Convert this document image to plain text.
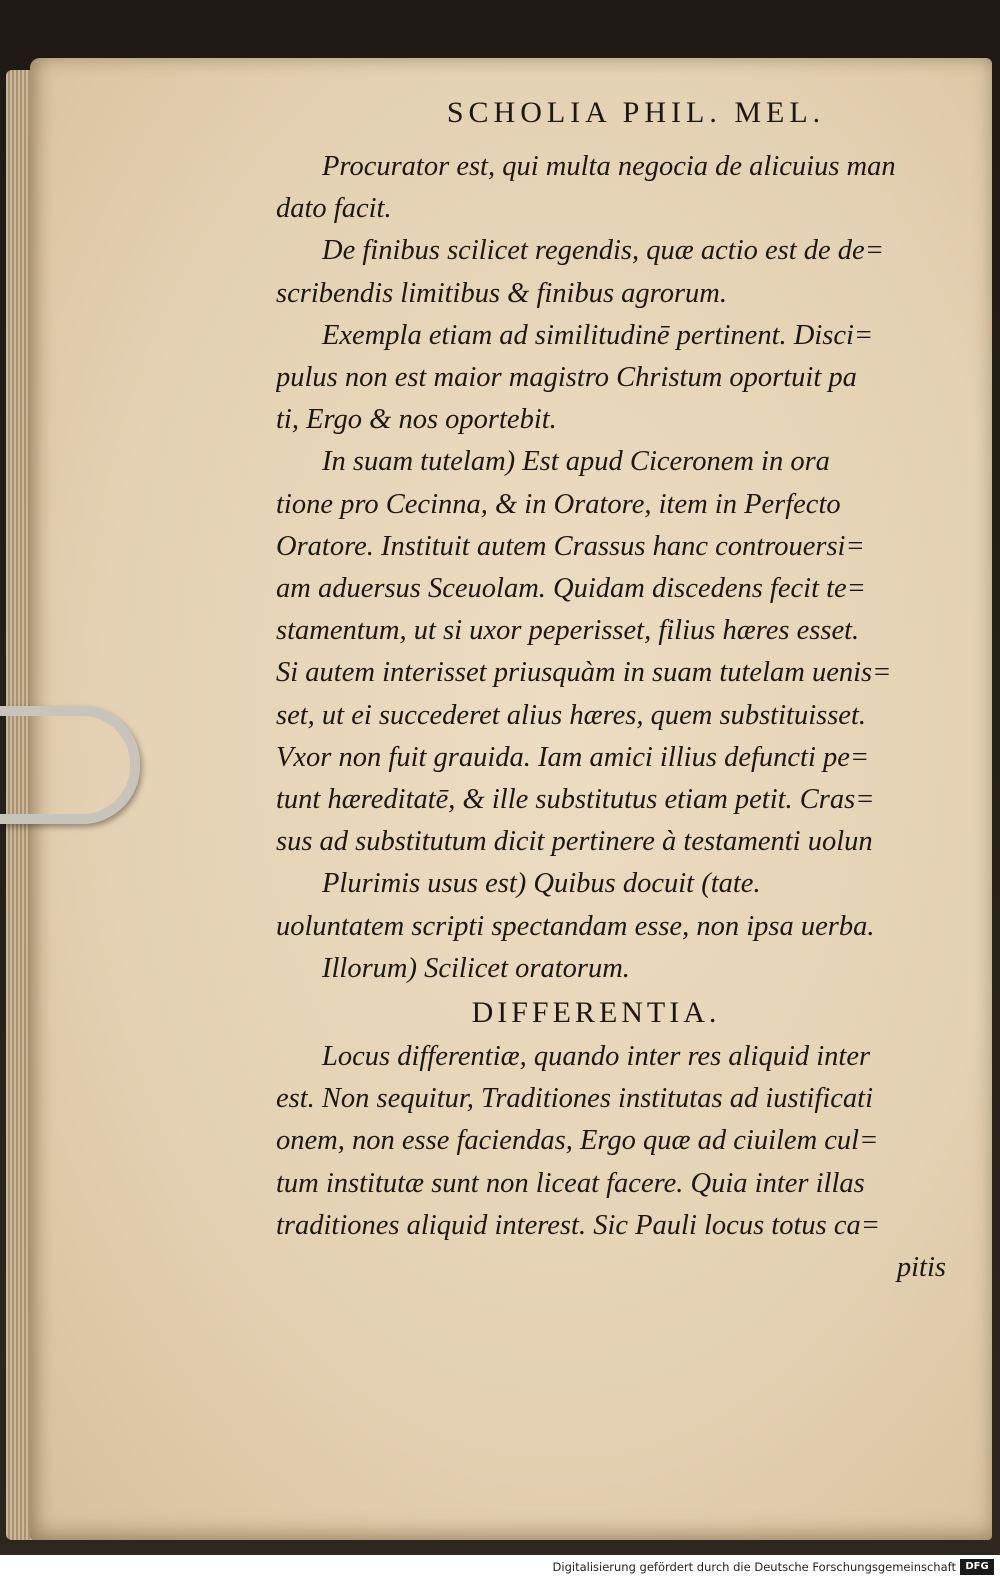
SCHOLIA PHIL. MEL.
Procurator est, qui multa negocia de alicuius man
dato facit.
De finibus scilicet regendis, quæ actio est de de=
scribendis limitibus & finibus agrorum.
Exempla etiam ad similitudinē pertinent. Disci=
pulus non est maior magistro Christum oportuit pa
ti, Ergo & nos oportebit.
In suam tutelam) Est apud Ciceronem in ora
tione pro Cecinna, & in Oratore, item in Perfecto
Oratore. Instituit autem Crassus hanc controuersi=
am aduersus Sceuolam. Quidam discedens fecit te=
stamentum, ut si uxor peperisset, filius hæres esset.
Si autem interisset priusquàm in suam tutelam uenis=
set, ut ei succederet alius hæres, quem substituisset.
Vxor non fuit grauida. Iam amici illius defuncti pe=
tunt hæreditatē, & ille substitutus etiam petit. Cras=
sus ad substitutum dicit pertinere à testamenti uolun
Plurimis usus est) Quibus docuit (tate.
uoluntatem scripti spectandam esse, non ipsa uerba.
Illorum) Scilicet oratorum.
DIFFERENTIA.
Locus differentiæ, quando inter res aliquid inter
est. Non sequitur, Traditiones institutas ad iustificati
onem, non esse faciendas, Ergo quæ ad ciuilem cul=
tum institutæ sunt non liceat facere. Quia inter illas
traditiones aliquid interest. Sic Pauli locus totus ca=
pitis
Digitalisierung gefördert durch die Deutsche Forschungsgemeinschaft DFG
